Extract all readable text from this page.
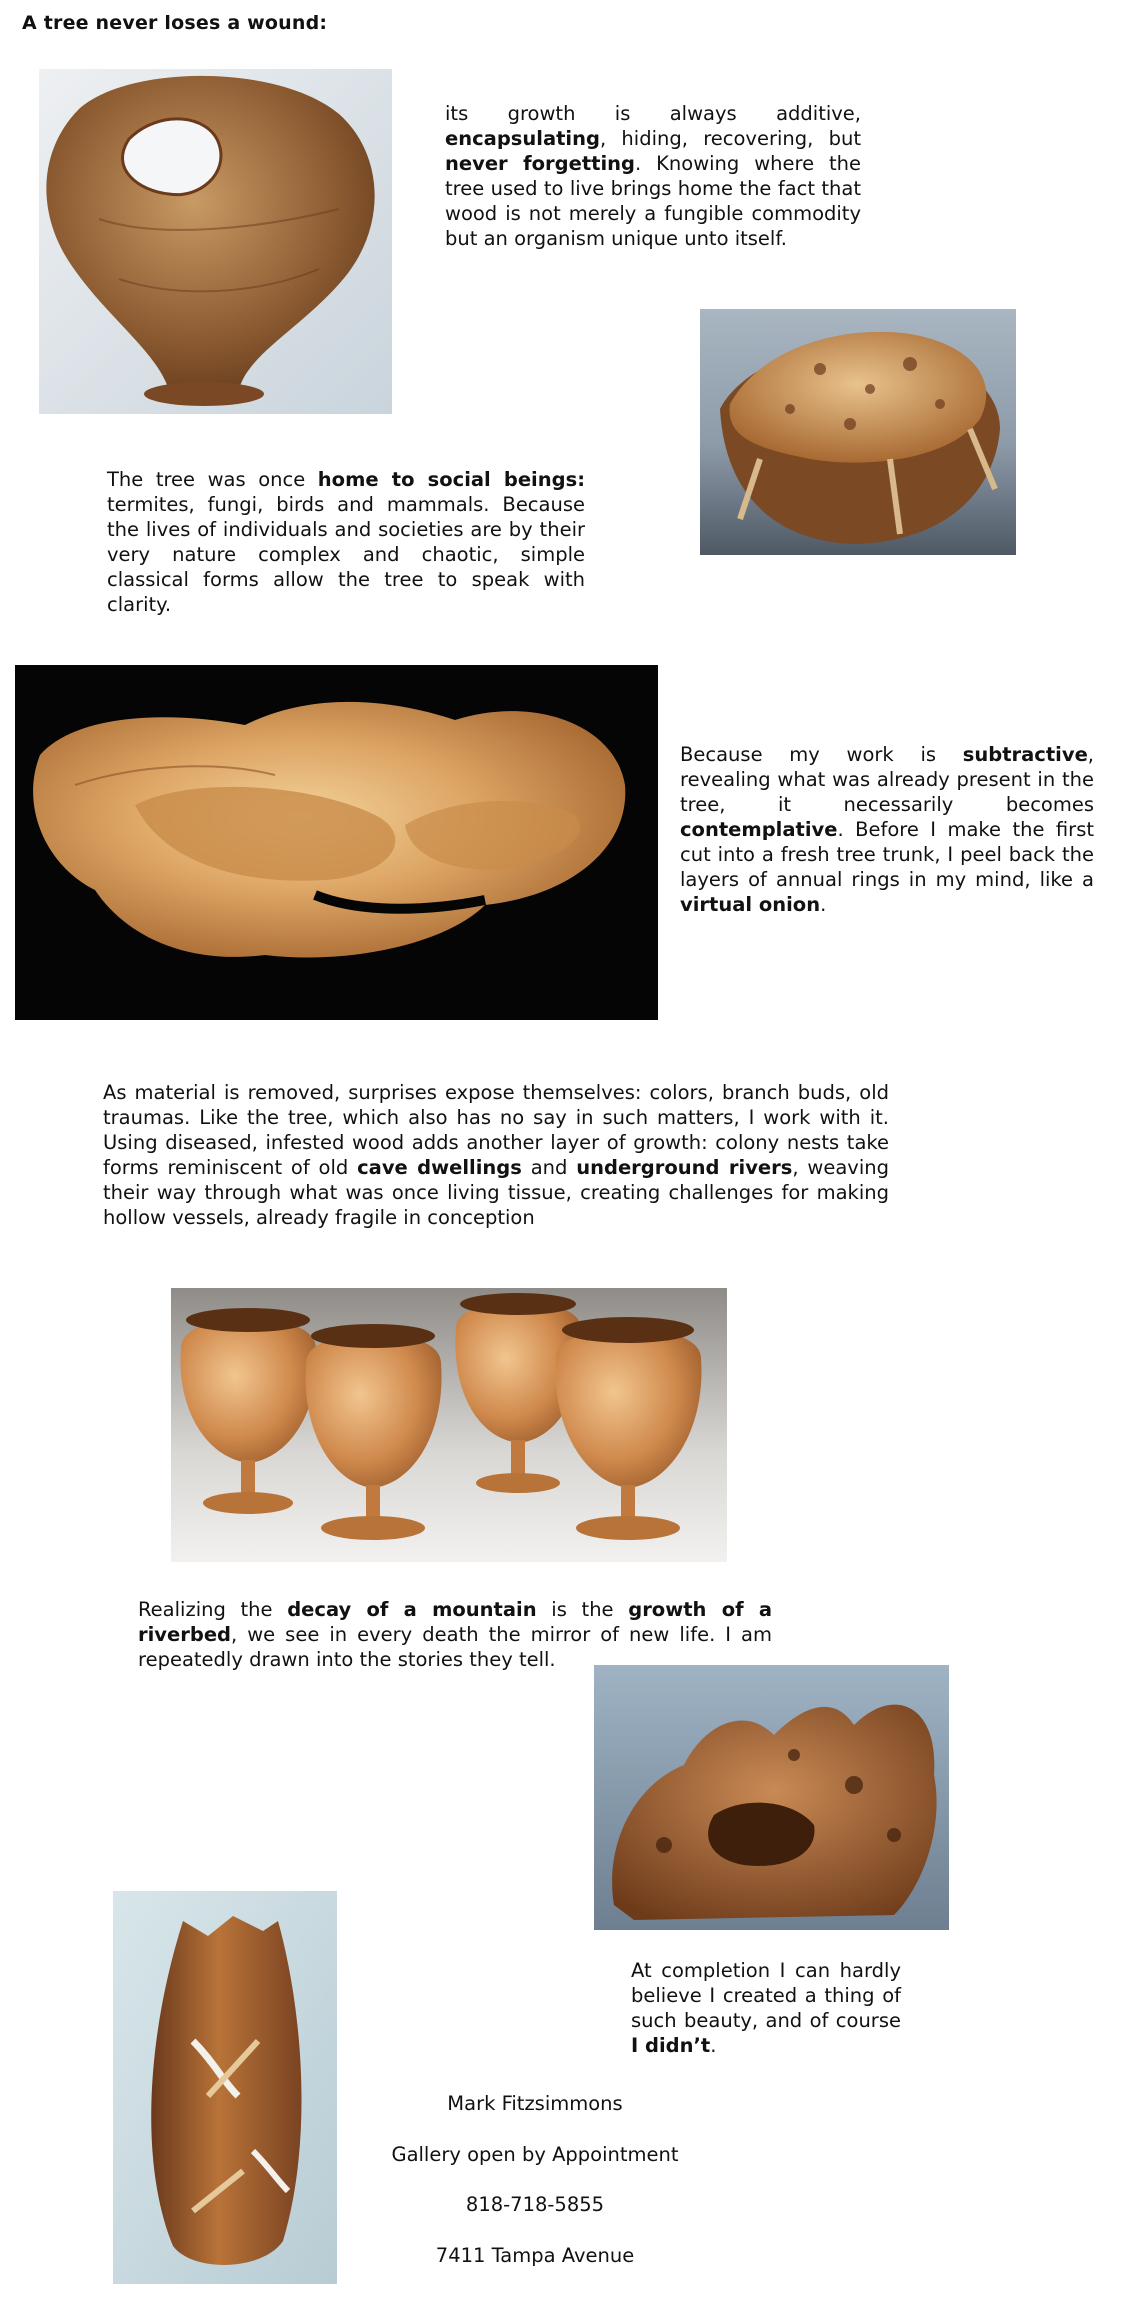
A tree never loses a wound:
its growth is always additive, encapsulating, hiding, recovering, but never forgetting. Knowing where the tree used to live brings home the fact that wood is not merely a fungible commodity but an organism unique unto itself.
The tree was once home to social beings: termites, fungi, birds and mammals. Because the lives of individuals and societies are by their very nature complex and chaotic, simple classical forms allow the tree to speak with clarity.
Because my work is subtractive, revealing what was already present in the tree, it necessarily becomes contemplative. Before I make the first cut into a fresh tree trunk, I peel back the layers of annual rings in my mind, like a virtual onion.
As material is removed, surprises expose themselves: colors, branch buds, old traumas. Like the tree, which also has no say in such matters, I work with it. Using diseased, infested wood adds another layer of growth: colony nests take forms reminiscent of old cave dwellings and underground rivers, weaving their way through what was once living tissue, creating challenges for making hollow vessels, already fragile in conception
Realizing the decay of a mountain is the growth of a riverbed, we see in every death the mirror of new life. I am repeatedly drawn into the stories they tell.
At completion I can hardly believe I created a thing of such beauty, and of course I didn’t.
Mark Fitzsimmons
Gallery open by Appointment
818-718-5855
7411 Tampa Avenue
